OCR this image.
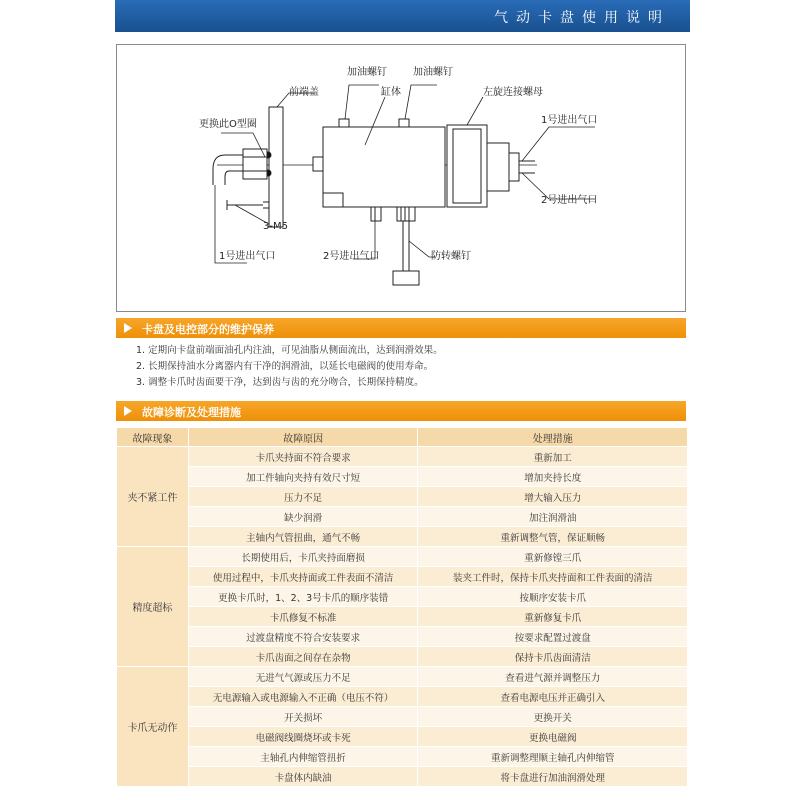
气动卡盘使用说明
加油螺钉	加油螺钉
前端盖	缸体	左旋连接螺母
更换此O型圈	1号进出气口
2号进出气口
3-M5
1号进出气口	2号进出气口	防转螺钉
卡盘及电控部分的维护保养
1. 定期向卡盘前端面油孔内注油，可见油脂从侧面流出，达到润滑效果。
2. 长期保持油水分离器内有干净的润滑油，以延长电磁阀的使用寿命。
3. 调整卡爪时齿面要干净，达到齿与齿的充分吻合，长期保持精度。
故障诊断及处理措施
故障现象	故障原因	处理措施
夹不紧工件	卡爪夹持面不符合要求	重新加工
	加工件轴向夹持有效尺寸短	增加夹持长度
	压力不足	增大输入压力
	缺少润滑	加注润滑油
	主轴内气管扭曲，通气不畅	重新调整气管，保证顺畅
精度超标	长期使用后，卡爪夹持面磨损	重新修镗三爪
	使用过程中，卡爪夹持面或工件表面不清洁	装夹工件时，保持卡爪夹持面和工件表面的清洁
	更换卡爪时，1、2、3号卡爪的顺序装错	按顺序安装卡爪
	卡爪修复不标准	重新修复卡爪
	过渡盘精度不符合安装要求	按要求配置过渡盘
	卡爪齿面之间存在杂物	保持卡爪齿面清洁
卡爪无动作	无进气气源或压力不足	查看进气源并调整压力
	无电源输入或电源输入不正确（电压不符）	查看电源电压并正确引入
	开关损坏	更换开关
	电磁阀线圈烧坏或卡死	更换电磁阀
	主轴孔内伸缩管扭折	重新调整理顺主轴孔内伸缩管
	卡盘体内缺油	将卡盘进行加油润滑处理
